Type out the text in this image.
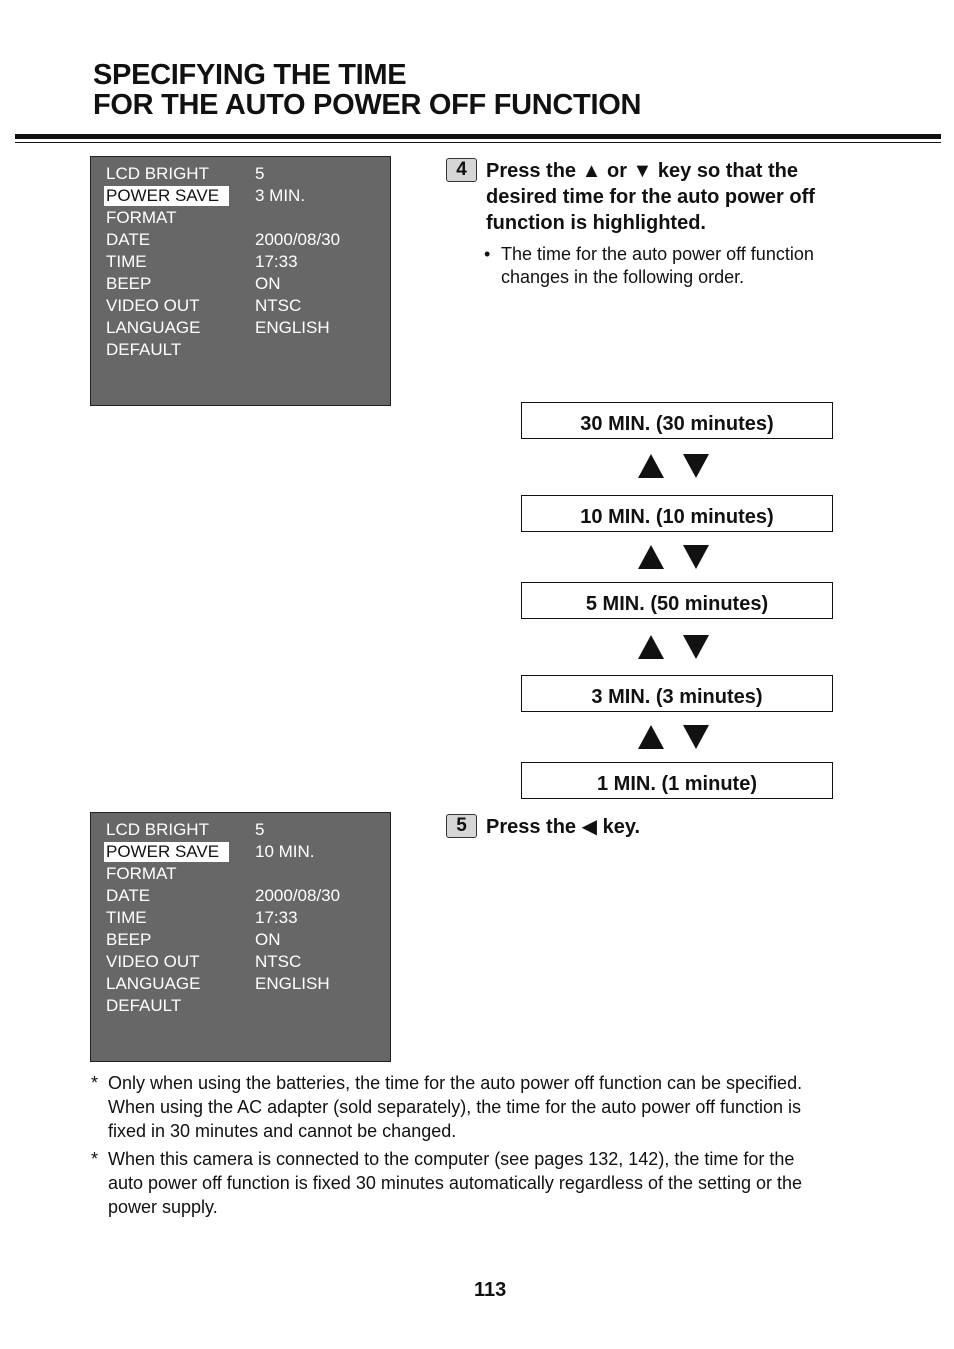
SPECIFYING THE TIME
FOR THE AUTO POWER OFF FUNCTION
LCD BRIGHT	5
POWER SAVE	3 MIN.
FORMAT
DATE	2000/08/30
TIME	17:33
BEEP	ON
VIDEO OUT	NTSC
LANGUAGE	ENGLISH
DEFAULT
4 Press the ▲ or ▼ key so that the
desired time for the auto power off
function is highlighted.
• The time for the auto power off function
changes in the following order.
30 MIN. (30 minutes)
10 MIN. (10 minutes)
5 MIN. (50 minutes)
3 MIN. (3 minutes)
1 MIN. (1 minute)
LCD BRIGHT	5
POWER SAVE	10 MIN.
FORMAT
DATE	2000/08/30
TIME	17:33
BEEP	ON
VIDEO OUT	NTSC
LANGUAGE	ENGLISH
DEFAULT
5 Press the ◀ key.
* Only when using the batteries, the time for the auto power off function can be specified.
When using the AC adapter (sold separately), the time for the auto power off function is
fixed in 30 minutes and cannot be changed.
* When this camera is connected to the computer (see pages 132, 142), the time for the
auto power off function is fixed 30 minutes automatically regardless of the setting or the
power supply.
113
